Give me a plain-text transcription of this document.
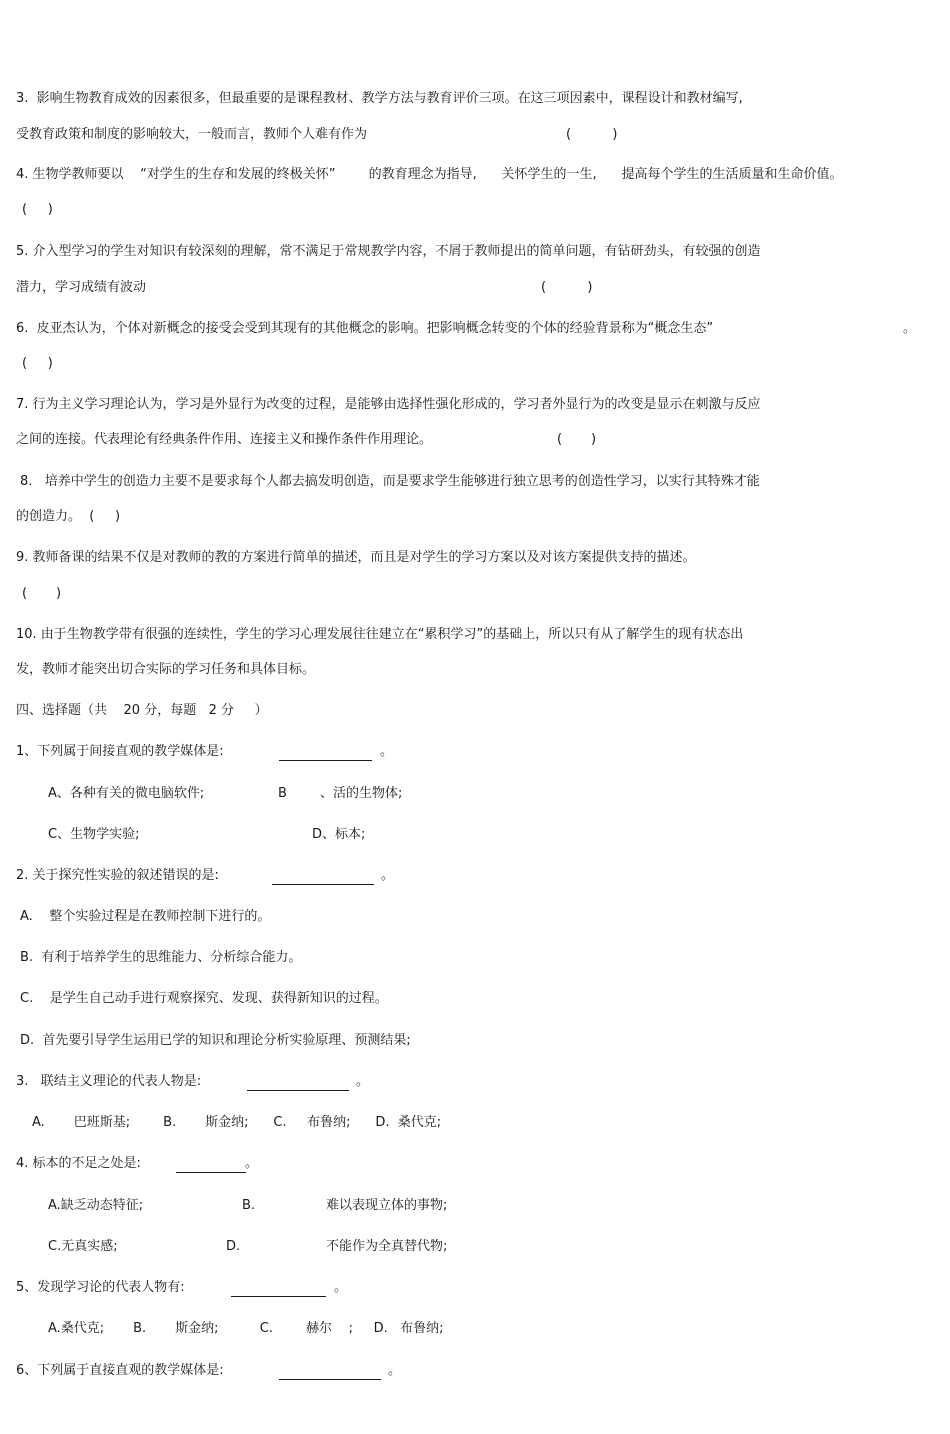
3.  影响生物教育成效的因素很多，但最重要的是课程教材、教学方法与教育评价三项。在这三项因素中，课程设计和教材编写,
受教育政策和制度的影响较大，一般而言，教师个人难有作为	(          )
4. 生物学教师要以    “对学生的生存和发展的终极关怀”        的教育理念为指导,      关怀学生的一生,      提高每个学生的生活质量和生命价值。
(     )
5. 介入型学习的学生对知识有较深刻的理解，常不满足于常规教学内容，不屑于教师提出的简单问题，有钻研劲头，有较强的创造
潜力，学习成绩有波动	(          )
6.  皮亚杰认为，个体对新概念的接受会受到其现有的其他概念的影响。把影响概念转变的个体的经验背景称为“概念生态”	。
(     )
7. 行为主义学习理论认为，学习是外显行为改变的过程，是能够由选择性强化形成的，学习者外显行为的改变是显示在刺激与反应
之间的连接。代表理论有经典条件作用、连接主义和操作条件作用理论。	(       )
8.   培养中学生的创造力主要不是要求每个人都去搞发明创造，而是要求学生能够进行独立思考的创造性学习，以实行其特殊才能
的创造力。  (     )
9. 教师备课的结果不仅是对教师的教的方案进行简单的描述，而且是对学生的学习方案以及对该方案提供支持的描述。
(       )
10. 由于生物教学带有很强的连续性，学生的学习心理发展往往建立在“累积学习”的基础上，所以只有从了解学生的现有状态出
发，教师才能突出切合实际的学习任务和具体目标。
四、选择题（共    20 分，每题   2 分     ）
1、下列属于间接直观的教学媒体是:	。
A、各种有关的微电脑软件;	B        、活的生物体;
C、生物学实验;	D、标本;
2. 关于探究性实验的叙述错误的是:	。
A.    整个实验过程是在教师控制下进行的。
B.  有利于培养学生的思维能力、分析综合能力。
C.    是学生自己动手进行观察探究、发现、获得新知识的过程。
D.  首先要引导学生运用已学的知识和理论分析实验原理、预测结果;
3.   联结主义理论的代表人物是:	。
A.       巴班斯基;        B.       斯金纳;      C.     布鲁纳;      D.  桑代克;
4. 标本的不足之处是:	。
A.缺乏动态特征;	B.	难以表现立体的事物;
C.无真实感;	D.	不能作为全真替代物;
5、发现学习论的代表人物有:	。
A.桑代克;       B.       斯金纳;          C.        赫尔    ;     D.   布鲁纳;
6、下列属于直接直观的教学媒体是:	。
